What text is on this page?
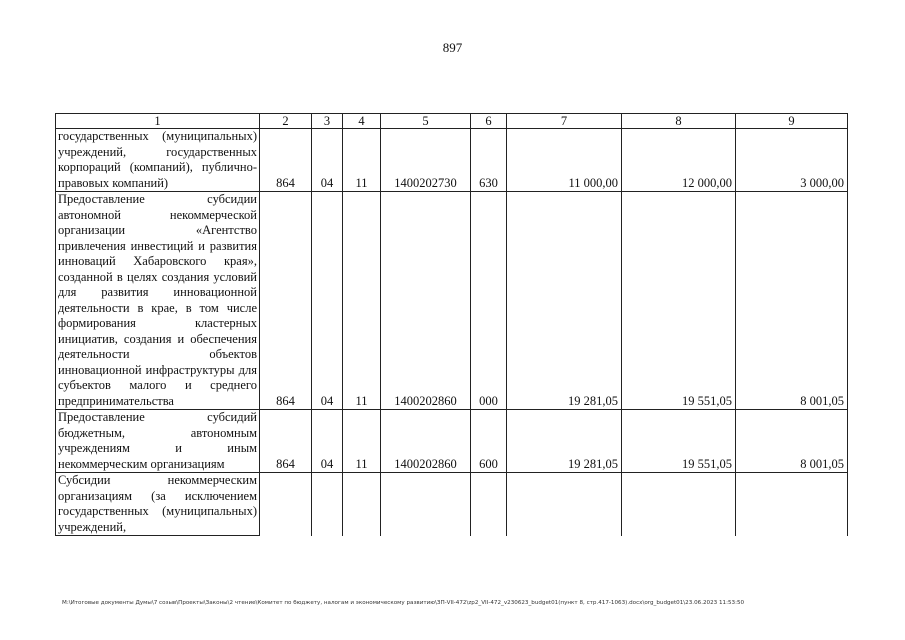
897
1	2	3	4	5	6	7	8	9
государственных (муниципальных) учреждений, государственных корпораций (компаний), публично-правовых компаний)	864	04	11	1400202730	630	11 000,00	12 000,00	3 000,00
Предоставление субсидии автономной некоммерческой организации «Агентство привлечения инвестиций и развития инноваций Хабаровского края», созданной в целях создания условий для развития инновационной деятельности в крае, в том числе формирования кластерных инициатив, создания и обеспечения деятельности объектов инновационной инфраструктуры для субъектов малого и среднего предпринимательства	864	04	11	1400202860	000	19 281,05	19 551,05	8 001,05
Предоставление субсидий бюджетным, автономным учреждениям и иным некоммерческим организациям	864	04	11	1400202860	600	19 281,05	19 551,05	8 001,05
Субсидии некоммерческим организациям (за исключением государственных (муниципальных) учреждений,								
M:\Итоговые документы Думы\7 созыв\Проекты\Законы\2 чтение\Комитет по бюджету, налогам и экономическому развитию\ЗП-VII-472\zp2_VII-472_v230623_budget01(пункт 8, стр.417-1063).docx\org_budget01\23.06.2023 11:53:50
